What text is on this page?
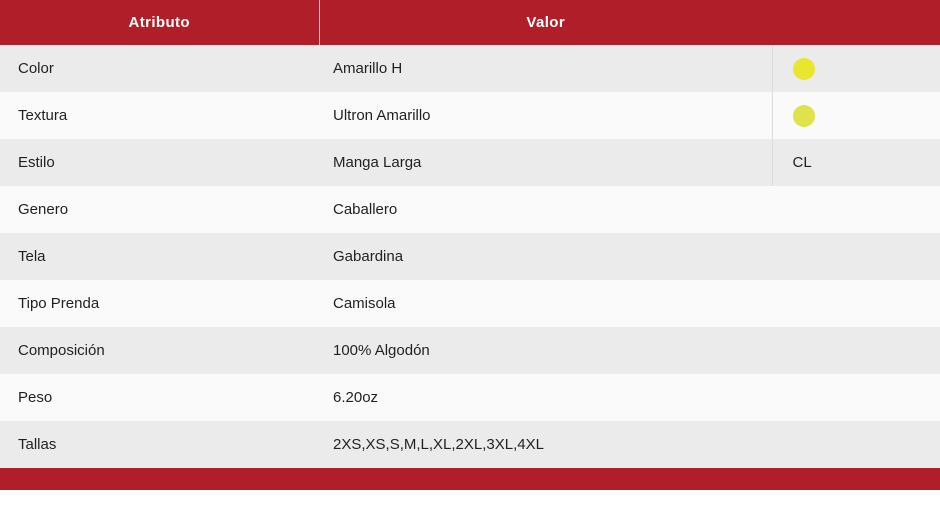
Atributo	Valor	
Color	Amarillo H	
Textura	Ultron Amarillo	
Estilo	Manga Larga	CL
Genero	Caballero	
Tela	Gabardina	
Tipo Prenda	Camisola	
Composición	100% Algodón	
Peso	6.20oz	
Tallas	2XS,XS,S,M,L,XL,2XL,3XL,4XL	
